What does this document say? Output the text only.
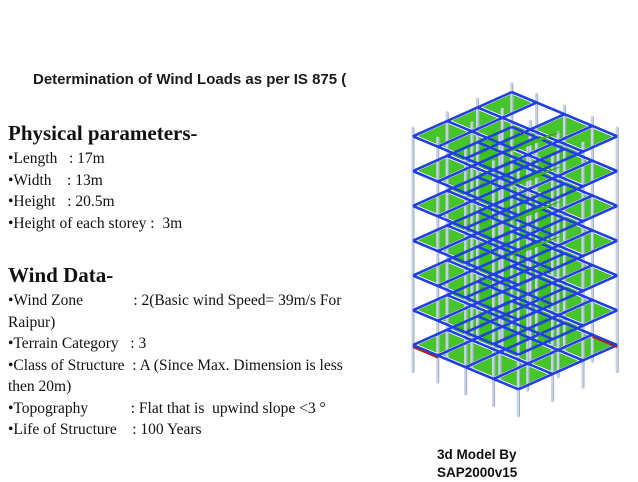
Determination of Wind Loads as per IS 875 (
Physical parameters-
•Length   : 17m
•Width    : 13m
•Height   : 20.5m
•Height of each storey :  3m
Wind Data-
•Wind Zone             : 2(Basic wind Speed= 39m/s For
Raipur)
•Terrain Category   : 3
•Class of Structure  : A (Since Max. Dimension is less
then 20m)
•Topography           : Flat that is  upwind slope <3 °
•Life of Structure    : 100 Years
3d Model By
SAP2000v15
